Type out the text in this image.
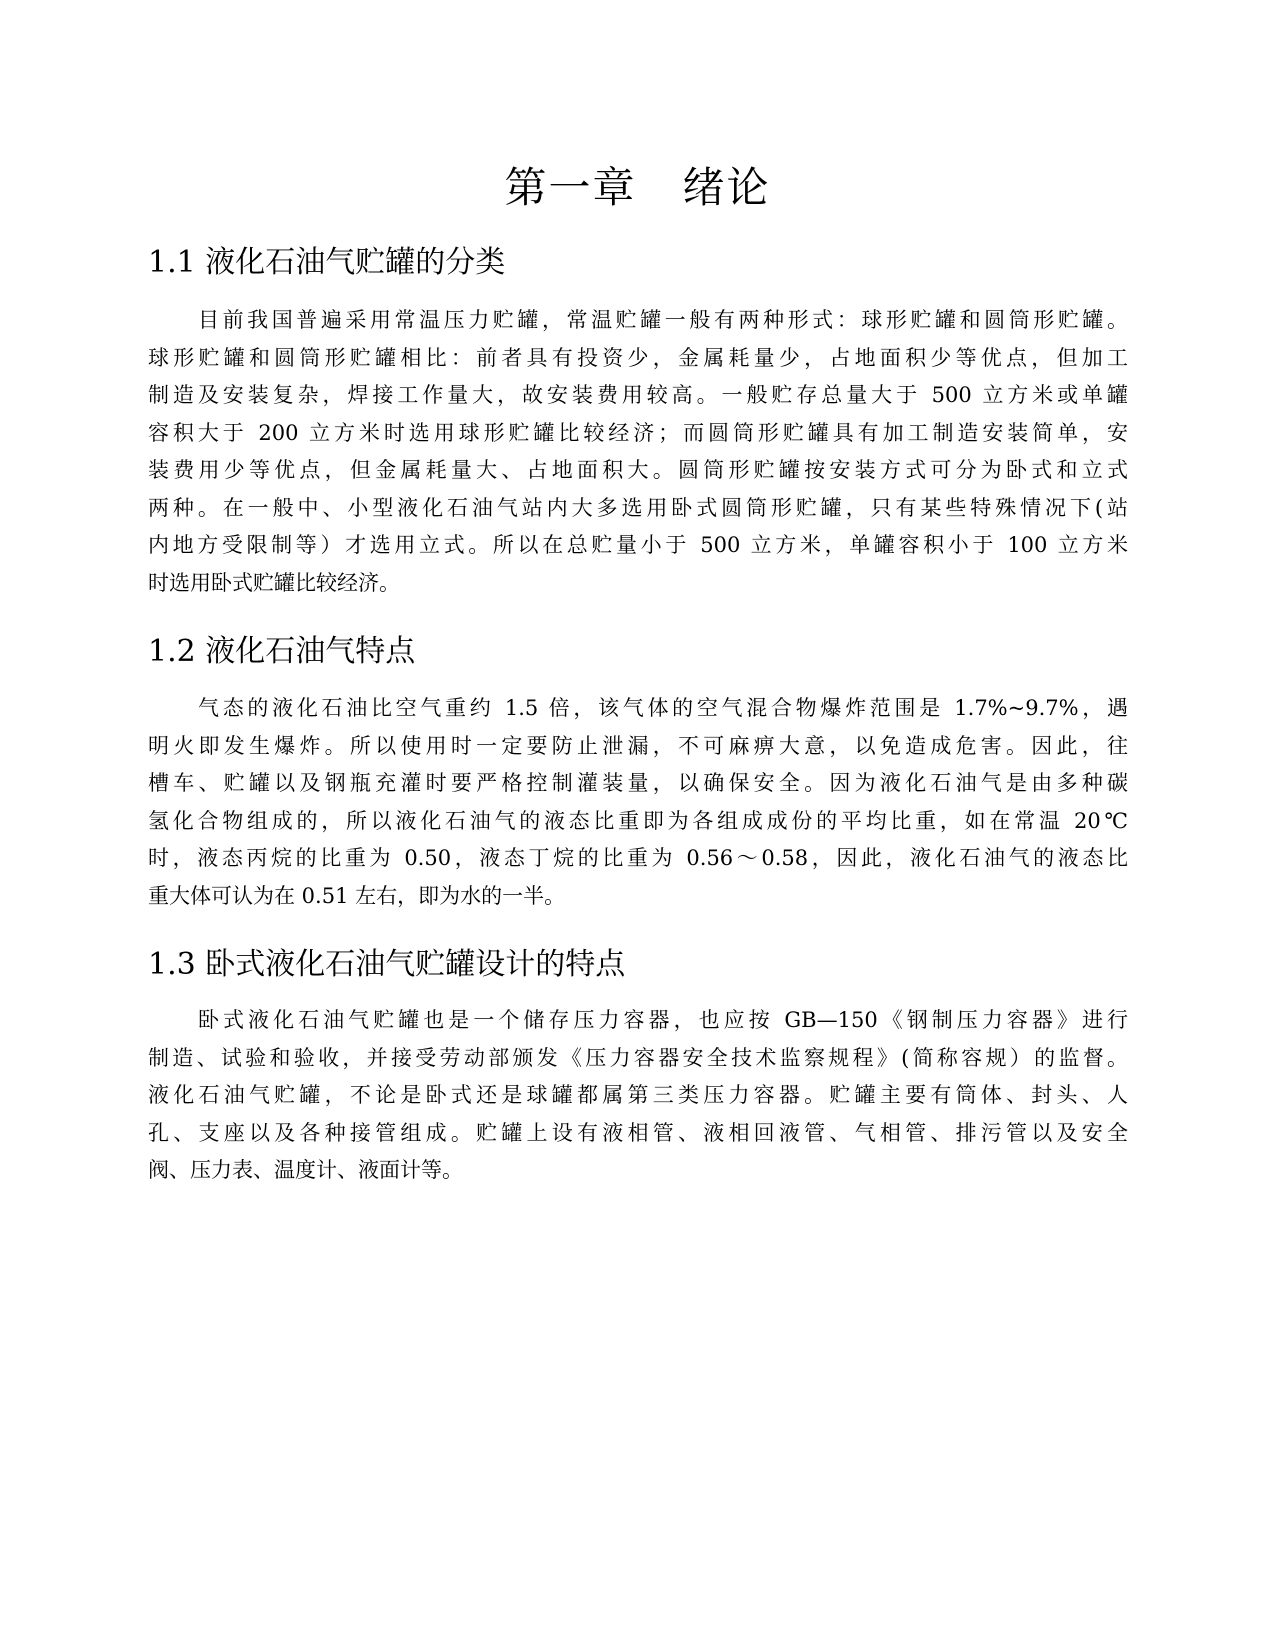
第一章   绪论
1.1 液化石油气贮罐的分类
目前我国普遍采用常温压力贮罐，常温贮罐一般有两种形式：球形贮罐和圆筒形贮罐。
球形贮罐和圆筒形贮罐相比：前者具有投资少，金属耗量少，占地面积少等优点，但加工
制造及安装复杂，焊接工作量大，故安装费用较高。一般贮存总量大于 500 立方米或单罐
容积大于 200 立方米时选用球形贮罐比较经济；而圆筒形贮罐具有加工制造安装简单，安
装费用少等优点，但金属耗量大、占地面积大。圆筒形贮罐按安装方式可分为卧式和立式
两种。在一般中、小型液化石油气站内大多选用卧式圆筒形贮罐，只有某些特殊情况下(站
内地方受限制等）才选用立式。所以在总贮量小于 500 立方米，单罐容积小于 100 立方米
时选用卧式贮罐比较经济。
1.2 液化石油气特点
气态的液化石油比空气重约 1.5 倍，该气体的空气混合物爆炸范围是 1.7%~9.7%，遇
明火即发生爆炸。所以使用时一定要防止泄漏，不可麻痹大意，以免造成危害。因此，往
槽车、贮罐以及钢瓶充灌时要严格控制灌装量，以确保安全。因为液化石油气是由多种碳
氢化合物组成的，所以液化石油气的液态比重即为各组成成份的平均比重，如在常温 20℃
时，液态丙烷的比重为 0.50，液态丁烷的比重为 0.56～0.58，因此，液化石油气的液态比
重大体可认为在 0.51 左右，即为水的一半。
1.3 卧式液化石油气贮罐设计的特点
卧式液化石油气贮罐也是一个储存压力容器，也应按 GB—150《钢制压力容器》进行
制造、试验和验收，并接受劳动部颁发《压力容器安全技术监察规程》(简称容规）的监督。
液化石油气贮罐，不论是卧式还是球罐都属第三类压力容器。贮罐主要有筒体、封头、人
孔、支座以及各种接管组成。贮罐上设有液相管、液相回液管、气相管、排污管以及安全
阀、压力表、温度计、液面计等。
